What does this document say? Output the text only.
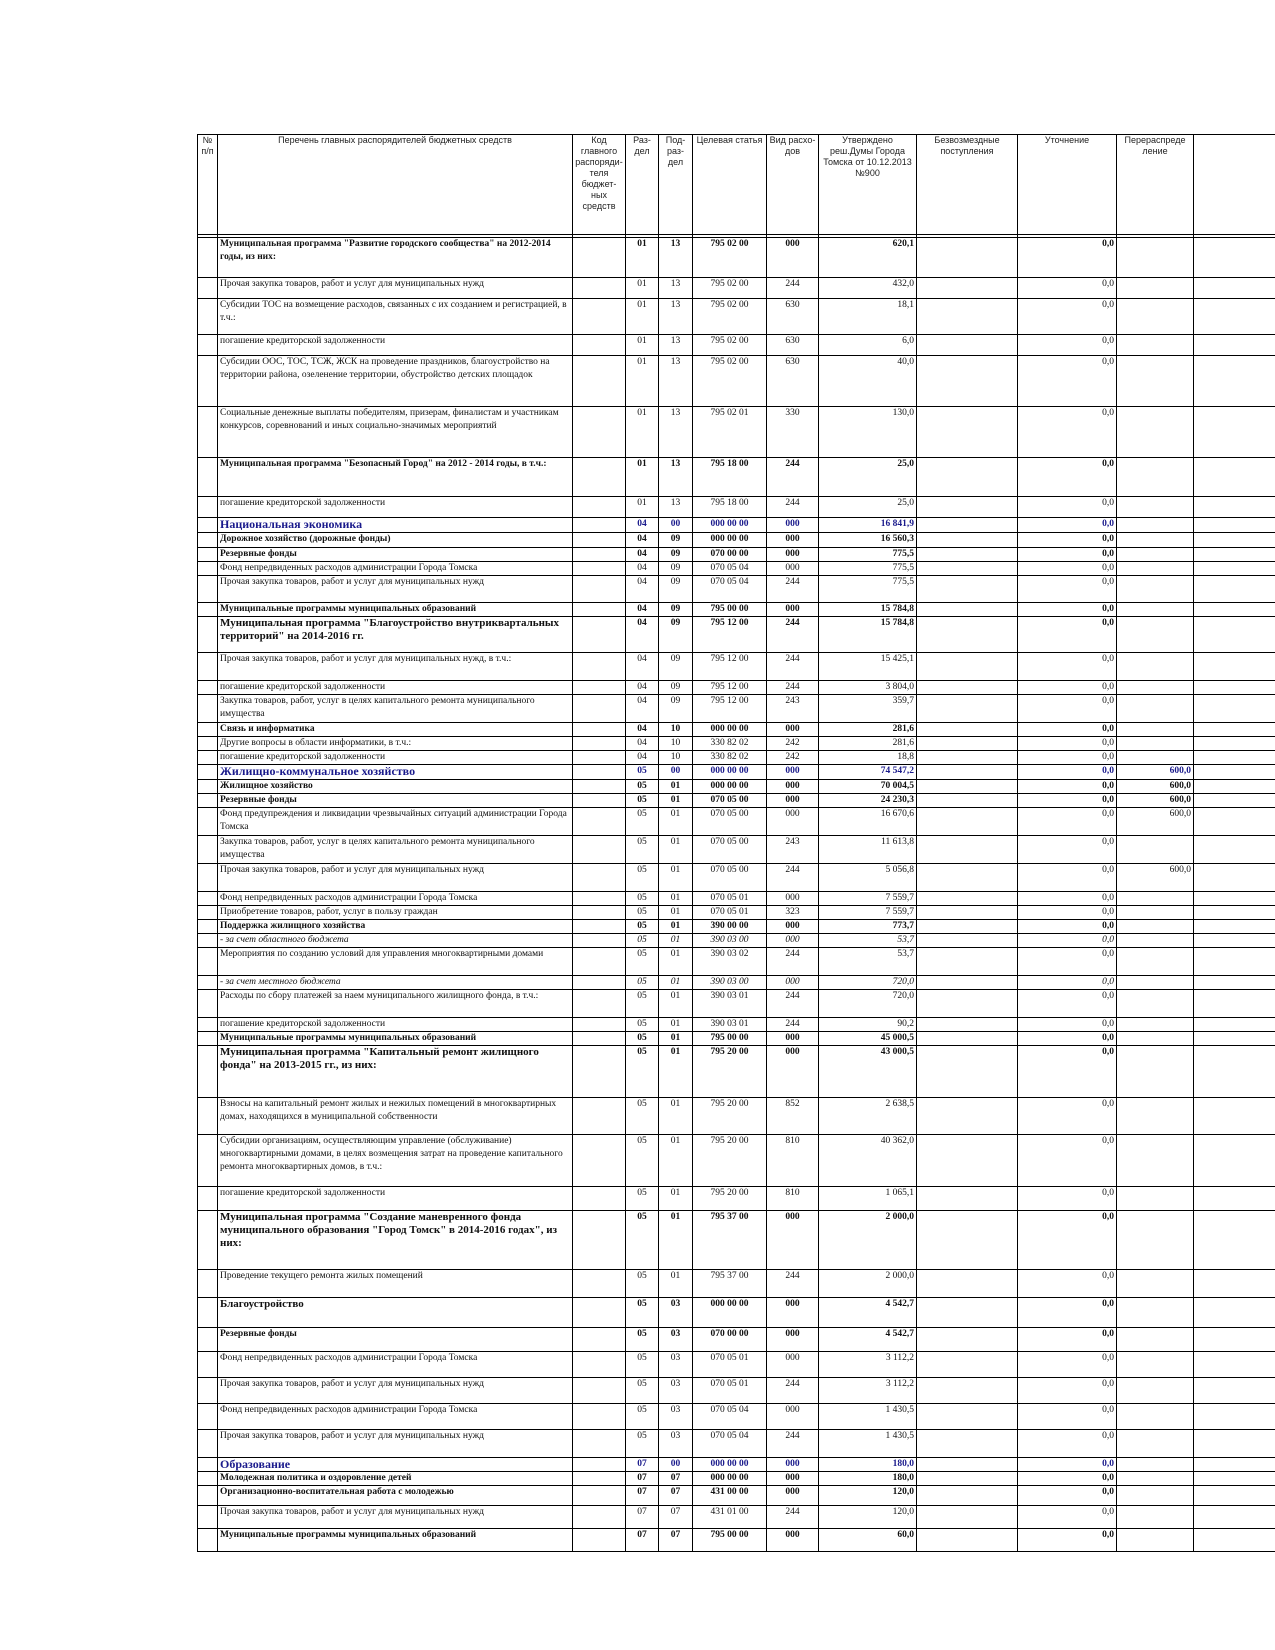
№ п/п	Перечень главных распорядителей бюджетных средств	Код главного распоряди-теля бюджет-ных средств	Раз-дел	Под-раз-дел	Целевая статья	Вид расхо-дов	Утверждено реш.Думы Города Томска от 10.12.2013 №900	Безвозмездные поступления	Уточнение	Перераспреде ление	

	Муниципальная программа "Развитие городского сообщества" на 2012-2014 годы, из них:		01	13	795 02 00	000	620,1		0,0		
	Прочая закупка товаров, работ и услуг для муниципальных нужд		01	13	795 02 00	244	432,0		0,0		
	Субсидии ТОС на возмещение расходов, связанных с их созданием и регистрацией, в т.ч.:		01	13	795 02 00	630	18,1		0,0		
	погашение кредиторской задолженности		01	13	795 02 00	630	6,0		0,0		
	Субсидии ООС, ТОС, ТСЖ, ЖСК на проведение праздников, благоустройство на территории района, озеленение территории, обустройство детских площадок		01	13	795 02 00	630	40,0		0,0		
	Социальные денежные выплаты победителям, призерам, финалистам и участникам конкурсов, соревнований и иных социально-значимых мероприятий		01	13	795 02 01	330	130,0		0,0		
	Муниципальная программа "Безопасный Город" на 2012 - 2014 годы, в т.ч.:		01	13	795 18 00	244	25,0		0,0		
	погашение кредиторской задолженности		01	13	795 18 00	244	25,0		0,0		
	Национальная экономика		04	00	000 00 00	000	16 841,9		0,0		
	Дорожное хозяйство (дорожные фонды)		04	09	000 00 00	000	16 560,3		0,0		
	Резервные фонды		04	09	070 00 00	000	775,5		0,0		
	Фонд непредвиденных расходов администрации Города Томска		04	09	070 05 04	000	775,5		0,0		
	Прочая закупка товаров, работ и услуг для муниципальных нужд		04	09	070 05 04	244	775,5		0,0		
	Муниципальные программы муниципальных образований		04	09	795 00 00	000	15 784,8		0,0		
	Муниципальная программа "Благоустройство внутриквартальных территорий" на 2014-2016 гг.		04	09	795 12 00	244	15 784,8		0,0		
	Прочая закупка товаров, работ и услуг для муниципальных нужд, в т.ч.:		04	09	795 12 00	244	15 425,1		0,0		
	погашение кредиторской задолженности		04	09	795 12 00	244	3 804,0		0,0		
	Закупка товаров, работ, услуг в целях капитального ремонта муниципального имущества		04	09	795 12 00	243	359,7		0,0		
	Связь и информатика		04	10	000 00 00	000	281,6		0,0		
	Другие вопросы в области информатики, в т.ч.:		04	10	330 82 02	242	281,6		0,0		
	погашение кредиторской задолженности		04	10	330 82 02	242	18,8		0,0		
	Жилищно-коммунальное хозяйство		05	00	000 00 00	000	74 547,2		0,0	600,0	
	Жилищное хозяйство		05	01	000 00 00	000	70 004,5		0,0	600,0	
	Резервные фонды		05	01	070 05 00	000	24 230,3		0,0	600,0	
	Фонд предупреждения и ликвидации чрезвычайных ситуаций администрации Города Томска		05	01	070 05 00	000	16 670,6		0,0	600,0	
	Закупка товаров, работ, услуг в целях капитального ремонта муниципального имущества		05	01	070 05 00	243	11 613,8		0,0		
	Прочая закупка товаров, работ и услуг для муниципальных нужд		05	01	070 05 00	244	5 056,8		0,0	600,0	
	Фонд непредвиденных расходов администрации Города Томска		05	01	070 05 01	000	7 559,7		0,0		
	Приобретение товаров, работ, услуг в пользу граждан		05	01	070 05 01	323	7 559,7		0,0		
	Поддержка жилищного хозяйства		05	01	390 00 00	000	773,7		0,0		
	- за счет областного бюджета		05	01	390 03 00	000	53,7		0,0		
	Мероприятия по созданию условий для управления многоквартирными домами		05	01	390 03 02	244	53,7		0,0		
	- за счет местного бюджета		05	01	390 03 00	000	720,0		0,0		
	Расходы по сбору платежей за наем муниципального жилищного фонда, в т.ч.:		05	01	390 03 01	244	720,0		0,0		
	погашение кредиторской задолженности		05	01	390 03 01	244	90,2		0,0		
	Муниципальные программы муниципальных образований		05	01	795 00 00	000	45 000,5		0,0		
	Муниципальная программа "Капитальный ремонт жилищного фонда" на 2013-2015 гг., из них:		05	01	795 20 00	000	43 000,5		0,0		
	Взносы на капитальный ремонт жилых и нежилых помещений в многоквартирных домах, находящихся в муниципальной собственности		05	01	795 20 00	852	2 638,5		0,0		
	Субсидии организациям, осуществляющим управление (обслуживание) многоквартирными домами, в целях возмещения затрат на проведение капитального ремонта многоквартирных домов, в т.ч.:		05	01	795 20 00	810	40 362,0		0,0		
	погашение кредиторской задолженности		05	01	795 20 00	810	1 065,1		0,0		
	Муниципальная программа "Создание маневренного фонда муниципального образования "Город Томск" в 2014-2016 годах", из них:		05	01	795 37 00	000	2 000,0		0,0		
	Проведение текущего ремонта жилых помещений		05	01	795 37 00	244	2 000,0		0,0		
	Благоустройство		05	03	000 00 00	000	4 542,7		0,0		
	Резервные фонды		05	03	070 00 00	000	4 542,7		0,0		
	Фонд непредвиденных расходов администрации Города Томска		05	03	070 05 01	000	3 112,2		0,0		
	Прочая закупка товаров, работ и услуг для муниципальных нужд		05	03	070 05 01	244	3 112,2		0,0		
	Фонд непредвиденных расходов администрации Города Томска		05	03	070 05 04	000	1 430,5		0,0		
	Прочая закупка товаров, работ и услуг для муниципальных нужд		05	03	070 05 04	244	1 430,5		0,0		
	Образование		07	00	000 00 00	000	180,0		0,0		
	Молодежная политика и оздоровление детей		07	07	000 00 00	000	180,0		0,0		
	Организационно-воспитательная работа с молодежью		07	07	431 00 00	000	120,0		0,0		
	Прочая закупка товаров, работ и услуг для муниципальных нужд		07	07	431 01 00	244	120,0		0,0		
	Муниципальные программы муниципальных образований		07	07	795 00 00	000	60,0		0,0		
